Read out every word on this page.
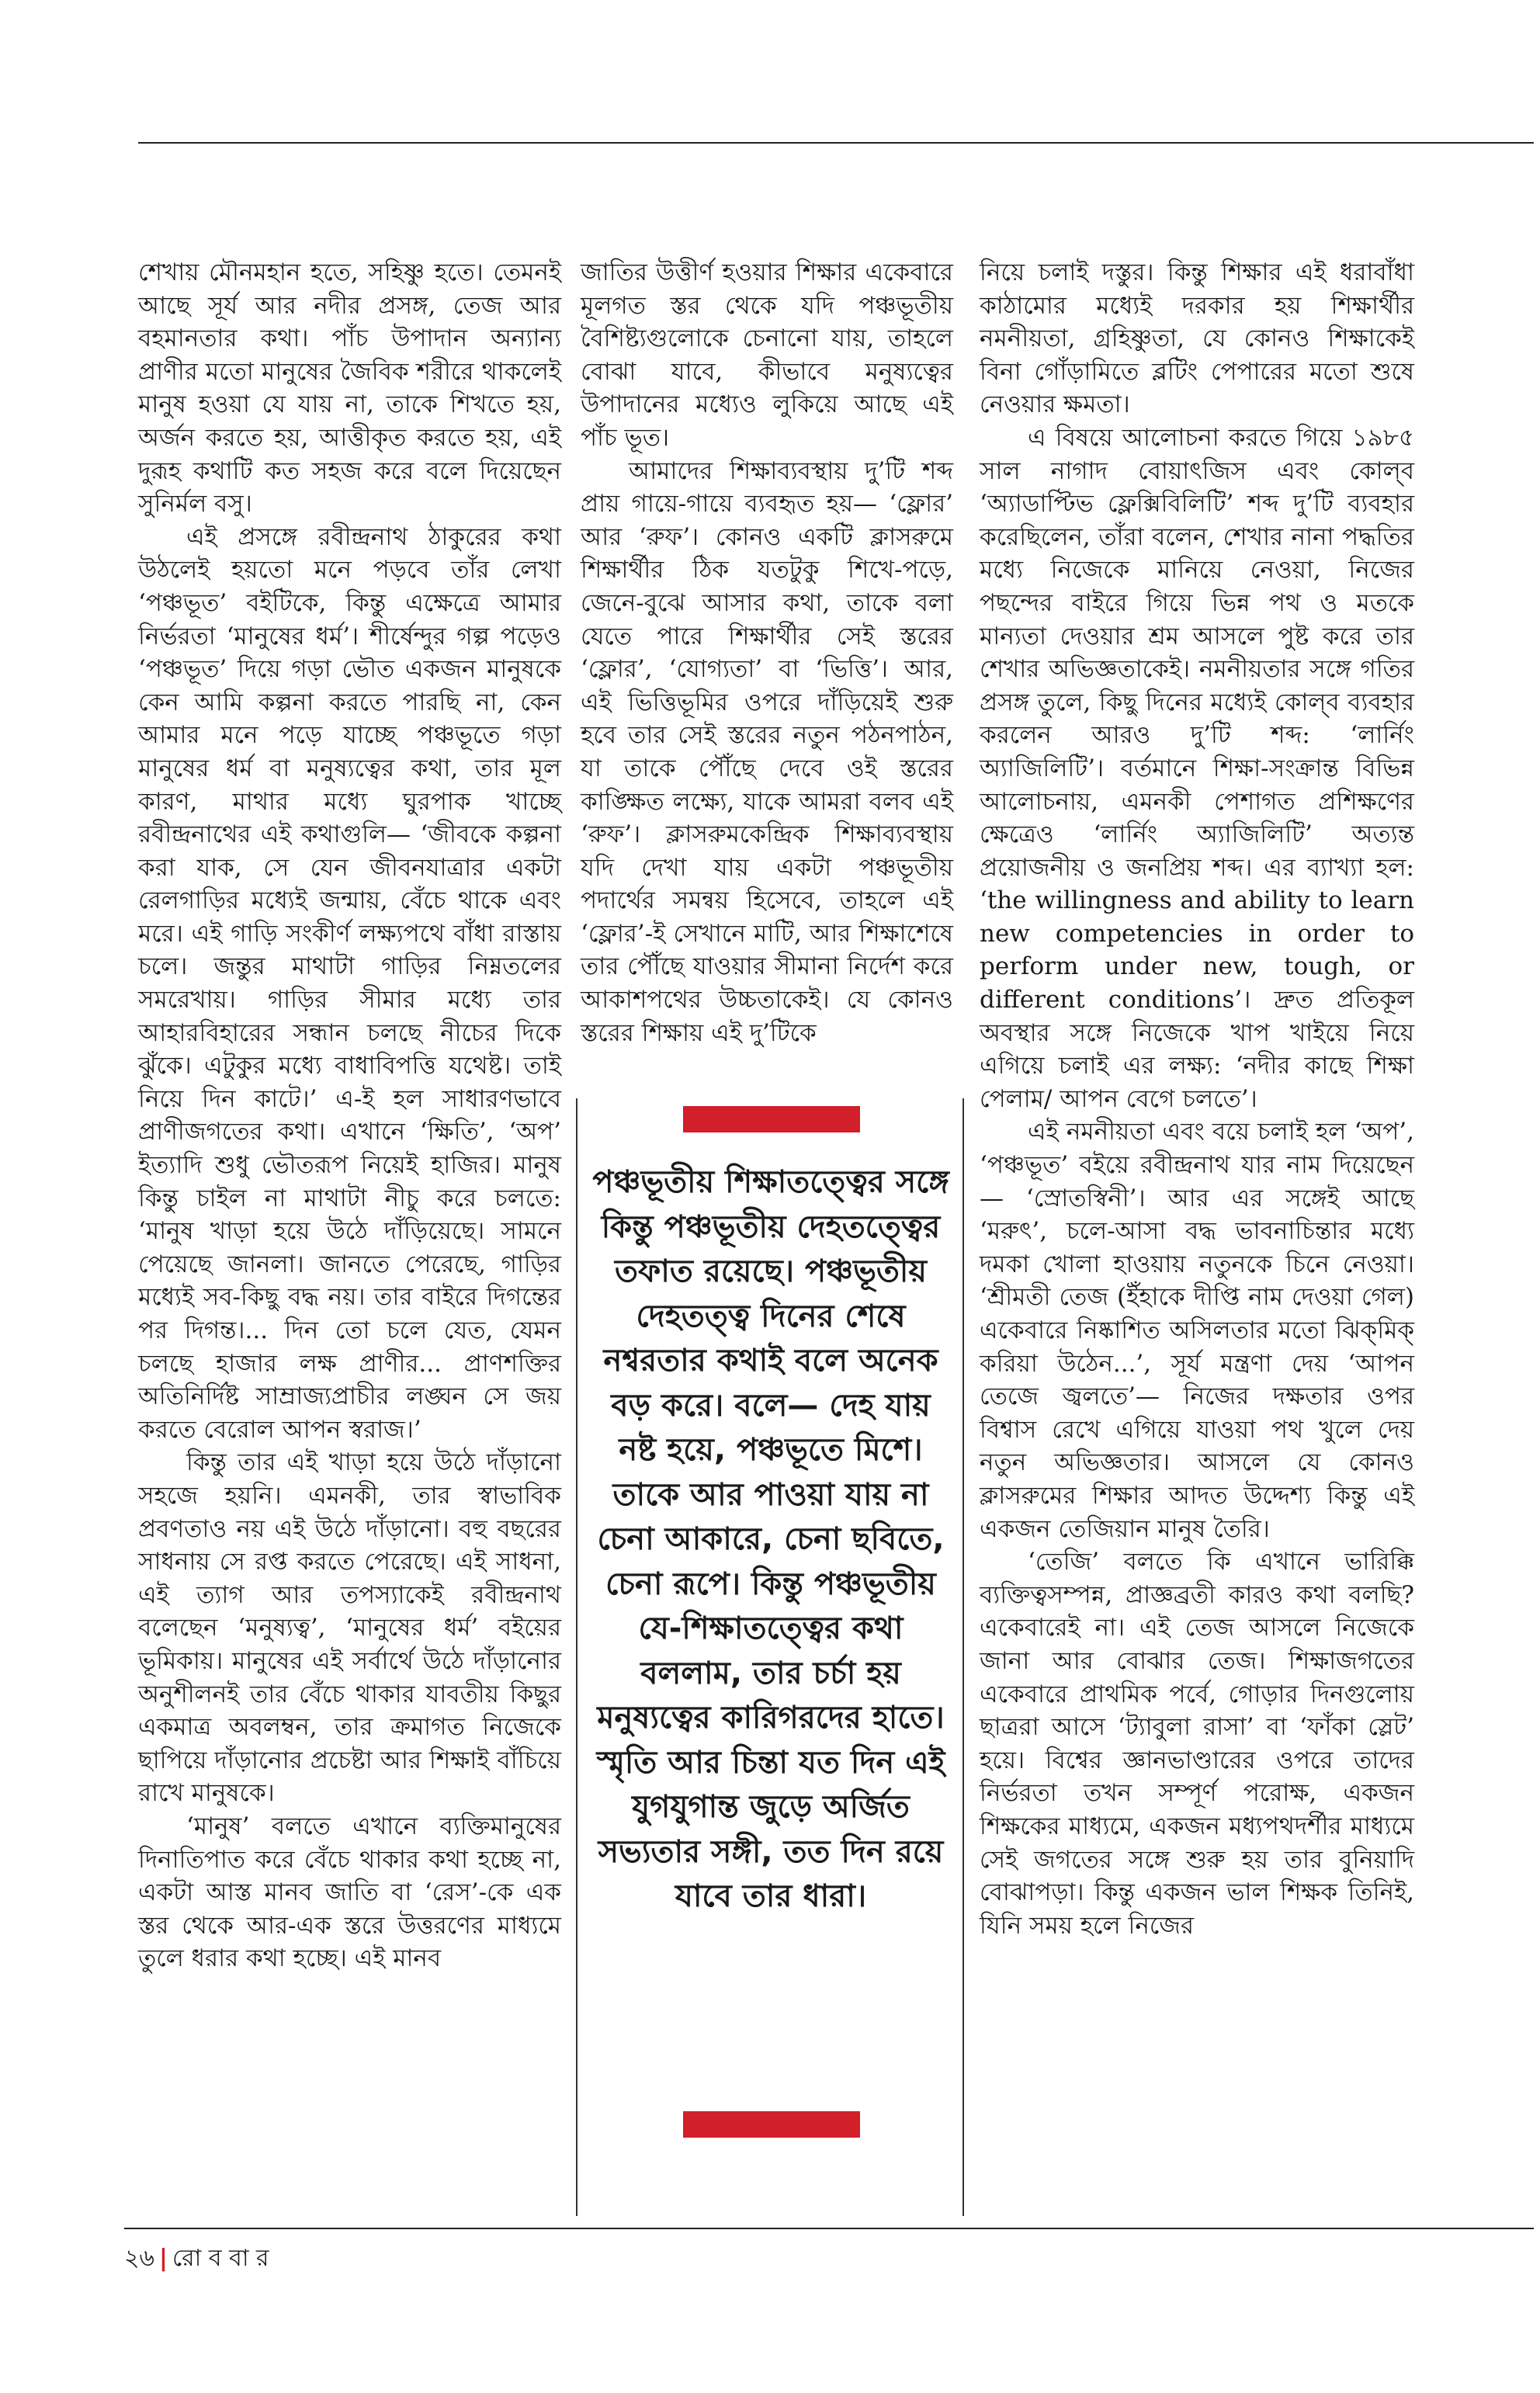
শেখায় মৌনমহান হতে, সহিষ্ণু হতে। তেমনই আছে সূর্য আর নদীর প্রসঙ্গ, তেজ আর বহমানতার কথা। পাঁচ উপাদান অন্যান্য প্রাণীর মতো মানুষের জৈবিক শরীরে থাকলেই মানুষ হওয়া যে যায় না, তাকে শিখতে হয়, অর্জন করতে হয়, আত্তীকৃত করতে হয়, এই দুরূহ কথাটি কত সহজ করে বলে দিয়েছেন সুনির্মল বসু।

এই প্রসঙ্গে রবীন্দ্রনাথ ঠাকুরের কথা উঠলেই হয়তো মনে পড়বে তাঁর লেখা ‘পঞ্চভূত’ বইটিকে, কিন্তু এক্ষেত্রে আমার নির্ভরতা ‘মানুষের ধর্ম’। শীর্ষেন্দুর গল্প পড়েও ‘পঞ্চভূত’ দিয়ে গড়া ভৌত একজন মানুষকে কেন আমি কল্পনা করতে পারছি না, কেন আমার মনে পড়ে যাচ্ছে পঞ্চভূতে গড়া মানুষের ধর্ম বা মনুষ্যত্বের কথা, তার মূল কারণ, মাথার মধ্যে ঘুরপাক খাচ্ছে রবীন্দ্রনাথের এই কথাগুলি— ‘জীবকে কল্পনা করা যাক, সে যেন জীবনযাত্রার একটা রেলগাড়ির মধ্যেই জন্মায়, বেঁচে থাকে এবং মরে। এই গাড়ি সংকীর্ণ লক্ষ্যপথে বাঁধা রাস্তায় চলে। জন্তুর মাথাটা গাড়ির নিম্নতলের সমরেখায়। গাড়ির সীমার মধ্যে তার আহারবিহারের সন্ধান চলছে নীচের দিকে ঝুঁকে। এটুকুর মধ্যে বাধাবিপত্তি যথেষ্ট। তাই নিয়ে দিন কাটে।’ এ-ই হল সাধারণভাবে প্রাণীজগতের কথা। এখানে ‘ক্ষিতি’, ‘অপ’ ইত্যাদি শুধু ভৌতরূপ নিয়েই হাজির। মানুষ কিন্তু চাইল না মাথাটা নীচু করে চলতে: ‘মানুষ খাড়া হয়ে উঠে দাঁড়িয়েছে। সামনে পেয়েছে জানলা। জানতে পেরেছে, গাড়ির মধ্যেই সব-কিছু বদ্ধ নয়। তার বাইরে দিগন্তের পর দিগন্ত।... দিন তো চলে যেত, যেমন চলছে হাজার লক্ষ প্রাণীর... প্রাণশক্তির অতিনির্দিষ্ট সাম্রাজ্যপ্রাচীর লঙ্ঘন সে জয় করতে বেরোল আপন স্বরাজ।’

কিন্তু তার এই খাড়া হয়ে উঠে দাঁড়ানো সহজে হয়নি। এমনকী, তার স্বাভাবিক প্রবণতাও নয় এই উঠে দাঁড়ানো। বহু বছরের সাধনায় সে রপ্ত করতে পেরেছে। এই সাধনা, এই ত্যাগ আর তপস্যাকেই রবীন্দ্রনাথ বলেছেন ‘মনুষ্যত্ব’, ‘মানুষের ধর্ম’ বইয়ের ভূমিকায়। মানুষের এই সর্বার্থে উঠে দাঁড়ানোর অনুশীলনই তার বেঁচে থাকার যাবতীয় কিছুর একমাত্র অবলম্বন, তার ক্রমাগত নিজেকে ছাপিয়ে দাঁড়ানোর প্রচেষ্টা আর শিক্ষাই বাঁচিয়ে রাখে মানুষকে।

‘মানুষ’ বলতে এখানে ব্যক্তিমানুষের দিনাতিপাত করে বেঁচে থাকার কথা হচ্ছে না, একটা আস্ত মানব জাতি বা ‘রেস’-কে এক স্তর থেকে আর-এক স্তরে উত্তরণের মাধ্যমে তুলে ধরার কথা হচ্ছে। এই মানব

জাতির উত্তীর্ণ হওয়ার শিক্ষার একেবারে মূলগত স্তর থেকে যদি পঞ্চভূতীয় বৈশিষ্ট্যগুলোকে চেনানো যায়, তাহলে বোঝা যাবে, কীভাবে মনুষ্যত্বের উপাদানের মধ্যেও লুকিয়ে আছে এই পাঁচ ভূত।

আমাদের শিক্ষাব্যবস্থায় দু’টি শব্দ প্রায় গায়ে-গায়ে ব্যবহৃত হয়— ‘ফ্লোর’ আর ‘রুফ’। কোনও একটি ক্লাসরুমে শিক্ষার্থীর ঠিক যতটুকু শিখে-পড়ে, জেনে-বুঝে আসার কথা, তাকে বলা যেতে পারে শিক্ষার্থীর সেই স্তরের ‘ফ্লোর’, ‘যোগ্যতা’ বা ‘ভিত্তি’। আর, এই ভিত্তিভূমির ওপরে দাঁড়িয়েই শুরু হবে তার সেই স্তরের নতুন পঠনপাঠন, যা তাকে পৌঁছে দেবে ওই স্তরের কাঙ্ক্ষিত লক্ষ্যে, যাকে আমরা বলব এই ‘রুফ’। ক্লাসরুমকেন্দ্রিক শিক্ষাব্যবস্থায় যদি দেখা যায় একটা পঞ্চভূতীয় পদার্থের সমন্বয় হিসেবে, তাহলে এই ‘ফ্লোর’-ই সেখানে মাটি, আর শিক্ষাশেষে তার পৌঁছে যাওয়ার সীমানা নির্দেশ করে আকাশপথের উচ্চতাকেই। যে কোনও স্তরের শিক্ষায় এই দু’টিকে

নিয়ে চলাই দস্তুর। কিন্তু শিক্ষার এই ধরাবাঁধা কাঠামোর মধ্যেই দরকার হয় শিক্ষার্থীর নমনীয়তা, গ্রহিষ্ণুতা, যে কোনও শিক্ষাকেই বিনা গোঁড়ামিতে ব্লটিং পেপারের মতো শুষে নেওয়ার ক্ষমতা।

এ বিষয়ে আলোচনা করতে গিয়ে ১৯৮৫ সাল নাগাদ বোয়াৎজিস এবং কোল্‌ব ‘অ্যাডাপ্টিভ ফ্লেক্সিবিলিটি’ শব্দ দু’টি ব্যবহার করেছিলেন, তাঁরা বলেন, শেখার নানা পদ্ধতির মধ্যে নিজেকে মানিয়ে নেওয়া, নিজের পছন্দের বাইরে গিয়ে ভিন্ন পথ ও মতকে মান্যতা দেওয়ার শ্রম আসলে পুষ্ট করে তার শেখার অভিজ্ঞতাকেই। নমনীয়তার সঙ্গে গতির প্রসঙ্গ তুলে, কিছু দিনের মধ্যেই কোল্‌ব ব্যবহার করলেন আরও দু’টি শব্দ: ‘লার্নিং অ্যাজিলিটি’। বর্তমানে শিক্ষা-সংক্রান্ত বিভিন্ন আলোচনায়, এমনকী পেশাগত প্রশিক্ষণের ক্ষেত্রেও ‘লার্নিং অ্যাজিলিটি’ অত্যন্ত প্রয়োজনীয় ও জনপ্রিয় শব্দ। এর ব্যাখ্যা হল: ‘the willingness and ability to learn new competencies in order to perform under new, tough, or different conditions’। দ্রুত প্রতিকূল অবস্থার সঙ্গে নিজেকে খাপ খাইয়ে নিয়ে এগিয়ে চলাই এর লক্ষ্য: ‘নদীর কাছে শিক্ষা পেলাম/ আপন বেগে চলতে’।

এই নমনীয়তা এবং বয়ে চলাই হল ‘অপ’, ‘পঞ্চভূত’ বইয়ে রবীন্দ্রনাথ যার নাম দিয়েছেন— ‘স্রোতস্বিনী’। আর এর সঙ্গেই আছে ‘মরুৎ’, চলে-আসা বদ্ধ ভাবনাচিন্তার মধ্যে দমকা খোলা হাওয়ায় নতুনকে চিনে নেওয়া। ‘শ্রীমতী তেজ (ইঁহাকে দীপ্তি নাম দেওয়া গেল) একেবারে নিষ্কাশিত অসিলতার মতো ঝিক্‌মিক্ করিয়া উঠেন...’, সূর্য মন্ত্রণা দেয় ‘আপন তেজে জ্বলতে’— নিজের দক্ষতার ওপর বিশ্বাস রেখে এগিয়ে যাওয়া পথ খুলে দেয় নতুন অভিজ্ঞতার। আসলে যে কোনও ক্লাসরুমের শিক্ষার আদত উদ্দেশ্য কিন্তু এই একজন তেজিয়ান মানুষ তৈরি।

‘তেজি’ বলতে কি এখানে ভারিক্কি ব্যক্তিত্বসম্পন্ন, প্রাজ্ঞব্রতী কারও কথা বলছি? একেবারেই না। এই তেজ আসলে নিজেকে জানা আর বোঝার তেজ। শিক্ষাজগতের একেবারে প্রাথমিক পর্বে, গোড়ার দিনগুলোয় ছাত্ররা আসে ‘ট্যাবুলা রাসা’ বা ‘ফাঁকা স্লেট’ হয়ে। বিশ্বের জ্ঞানভাণ্ডারের ওপরে তাদের নির্ভরতা তখন সম্পূর্ণ পরোক্ষ, একজন শিক্ষকের মাধ্যমে, একজন মধ্যপথদর্শীর মাধ্যমে সেই জগতের সঙ্গে শুরু হয় তার বুনিয়াদি বোঝাপড়া। কিন্তু একজন ভাল শিক্ষক তিনিই, যিনি সময় হলে নিজের

পঞ্চভূতীয় শিক্ষাতত্ত্বের সঙ্গে কিন্তু পঞ্চভূতীয় দেহতত্ত্বের তফাত রয়েছে। পঞ্চভূতীয় দেহতত্ত্ব দিনের শেষে নশ্বরতার কথাই বলে অনেক বড় করে। বলে— দেহ যায় নষ্ট হয়ে, পঞ্চভূতে মিশে। তাকে আর পাওয়া যায় না চেনা আকারে, চেনা ছবিতে, চেনা রূপে। কিন্তু পঞ্চভূতীয় যে-শিক্ষাতত্ত্বের কথা বললাম, তার চর্চা হয় মনুষ্যত্বের কারিগরদের হাতে। স্মৃতি আর চিন্তা যত দিন এই যুগযুগান্ত জুড়ে অর্জিত সভ্যতার সঙ্গী, তত দিন রয়ে যাবে তার ধারা।
২৬ | রো ব বা র
